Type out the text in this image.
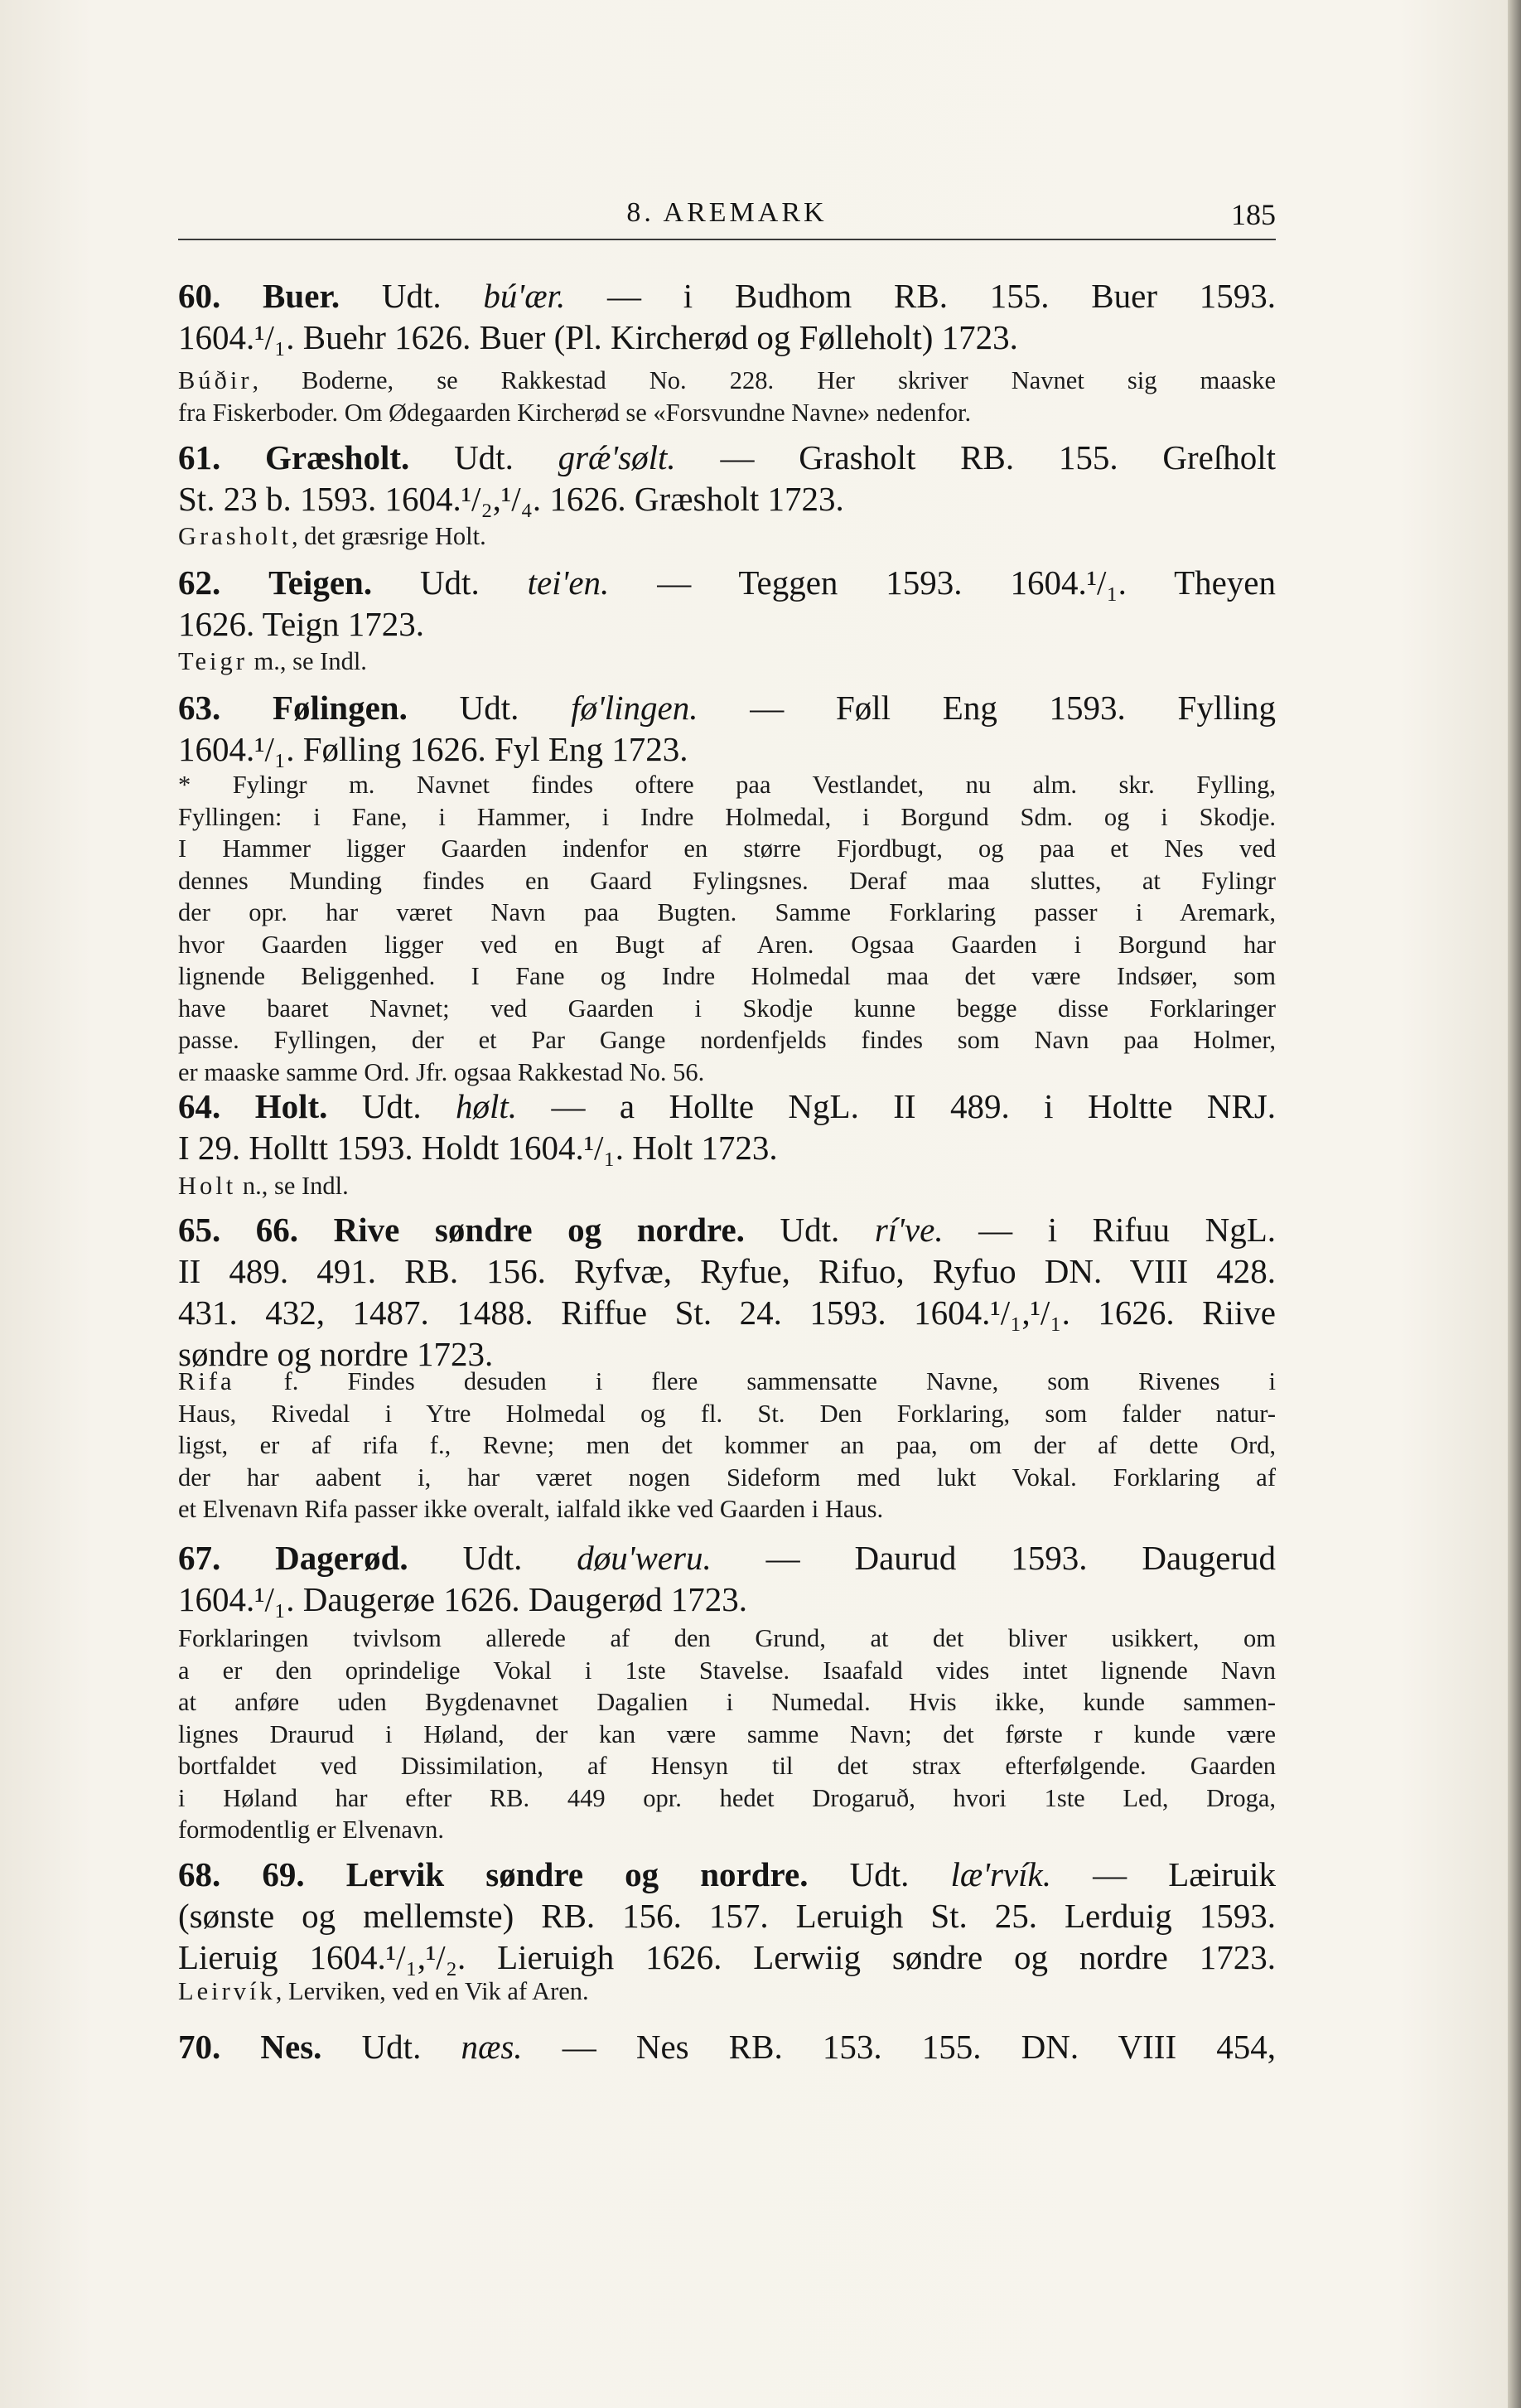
8. AREMARK	185
60. Buer. Udt. bú'ær. — i Budhom RB. 155. Buer 1593.
1604.¹/₁. Buehr 1626. Buer (Pl. Kircherød og Følleholt) 1723.
Búðir, Boderne, se Rakkestad No. 228. Her skriver Navnet sig maaske
fra Fiskerboder. Om Ødegaarden Kircherød se «Forsvundne Navne» nedenfor.
61. Græsholt. Udt. grǽ'sølt. — Grasholt RB. 155. Greſholt
St. 23 b. 1593. 1604.¹/₂,¹/₄. 1626. Græsholt 1723.
Grasholt, det græsrige Holt.
62. Teigen. Udt. tei'en. — Teggen 1593. 1604.¹/₁. Theyen
1626. Teign 1723.
Teigr m., se Indl.
63. Følingen. Udt. fø'lingen. — Føll Eng 1593. Fylling
1604.¹/₁. Følling 1626. Fyl Eng 1723.
* Fylingr m. Navnet findes oftere paa Vestlandet, nu alm. skr. Fylling,
Fyllingen: i Fane, i Hammer, i Indre Holmedal, i Borgund Sdm. og i Skodje.
I Hammer ligger Gaarden indenfor en større Fjordbugt, og paa et Nes ved
dennes Munding findes en Gaard Fylingsnes. Deraf maa sluttes, at Fylingr
der opr. har været Navn paa Bugten. Samme Forklaring passer i Aremark,
hvor Gaarden ligger ved en Bugt af Aren. Ogsaa Gaarden i Borgund har
lignende Beliggenhed. I Fane og Indre Holmedal maa det være Indsøer, som
have baaret Navnet; ved Gaarden i Skodje kunne begge disse Forklaringer
passe. Fyllingen, der et Par Gange nordenfjelds findes som Navn paa Holmer,
er maaske samme Ord. Jfr. ogsaa Rakkestad No. 56.
64. Holt. Udt. hølt. — a Hollte NgL. II 489. i Holtte NRJ.
I 29. Holltt 1593. Holdt 1604.¹/₁. Holt 1723.
Holt n., se Indl.
65. 66. Rive søndre og nordre. Udt. rí've. — i Rifuu NgL.
II 489. 491. RB. 156. Ryfvæ, Ryfue, Rifuo, Ryfuo DN. VIII 428.
431. 432, 1487. 1488. Riffue St. 24. 1593. 1604.¹/₁,¹/₁. 1626. Riive
søndre og nordre 1723.
Rifa f. Findes desuden i flere sammensatte Navne, som Rivenes i
Haus, Rivedal i Ytre Holmedal og fl. St. Den Forklaring, som falder natur-
ligst, er af rifa f., Revne; men det kommer an paa, om der af dette Ord,
der har aabent i, har været nogen Sideform med lukt Vokal. Forklaring af
et Elvenavn Rifa passer ikke overalt, ialfald ikke ved Gaarden i Haus.
67. Dagerød. Udt. døu'weru. — Daurud 1593. Daugerud
1604.¹/₁. Daugerøe 1626. Daugerød 1723.
Forklaringen tvivlsom allerede af den Grund, at det bliver usikkert, om
a er den oprindelige Vokal i 1ste Stavelse. Isaafald vides intet lignende Navn
at anføre uden Bygdenavnet Dagalien i Numedal. Hvis ikke, kunde sammen-
lignes Draurud i Høland, der kan være samme Navn; det første r kunde være
bortfaldet ved Dissimilation, af Hensyn til det strax efterfølgende. Gaarden
i Høland har efter RB. 449 opr. hedet Drogaruð, hvori 1ste Led, Droga,
formodentlig er Elvenavn.
68. 69. Lervik søndre og nordre. Udt. læ'rvík. — Læiruik
(sønste og mellemste) RB. 156. 157. Leruigh St. 25. Lerduig 1593.
Lieruig 1604.¹/₁,¹/₂. Lieruigh 1626. Lerwiig søndre og nordre 1723.
Leirvík, Lerviken, ved en Vik af Aren.
70. Nes. Udt. næs. — Nes RB. 153. 155. DN. VIII 454,
